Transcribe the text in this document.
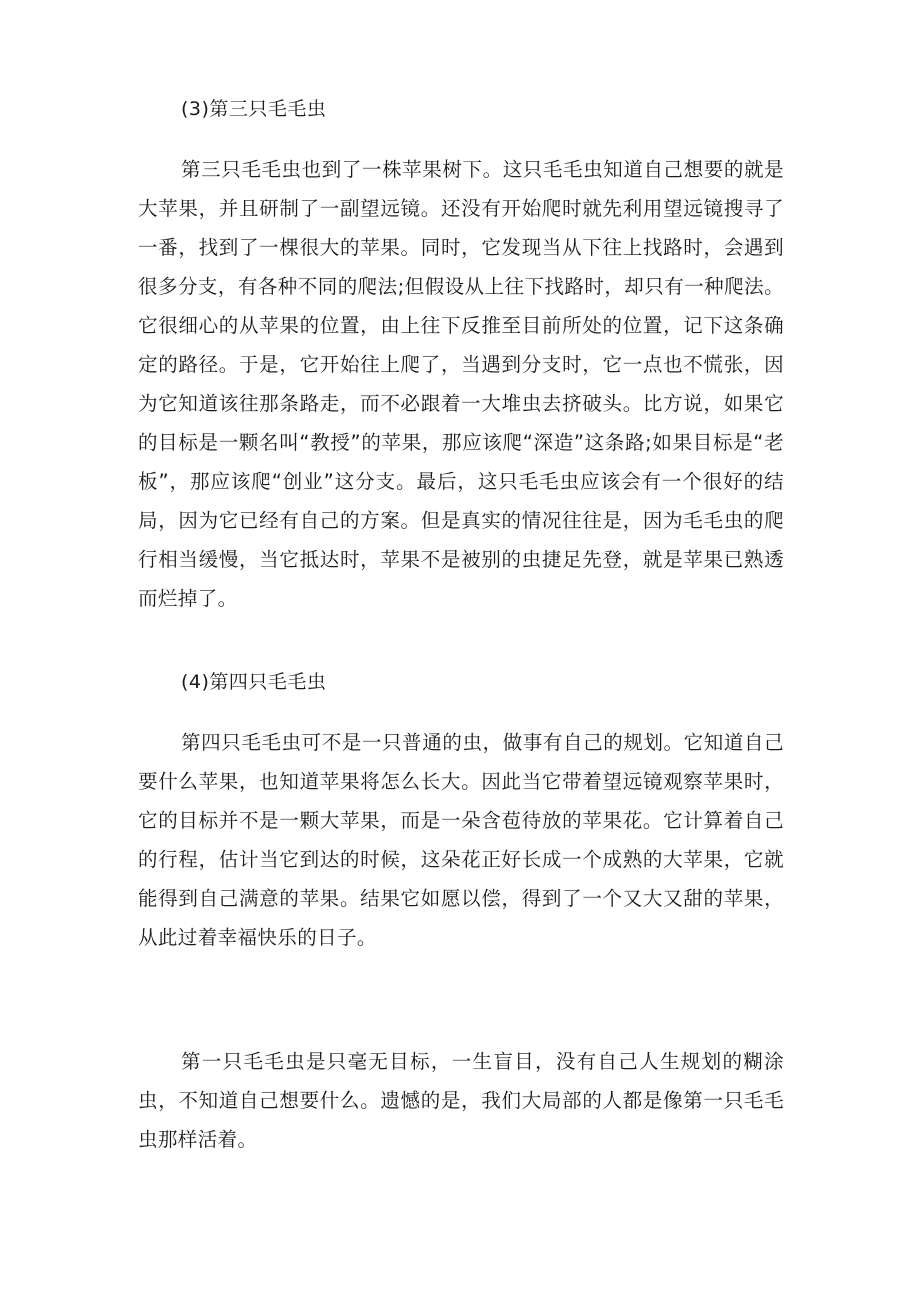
(3)第三只毛毛虫

第三只毛毛虫也到了一株苹果树下。这只毛毛虫知道自己想要的就是大苹果，并且研制了一副望远镜。还没有开始爬时就先利用望远镜搜寻了一番，找到了一棵很大的苹果。同时，它发现当从下往上找路时，会遇到很多分支，有各种不同的爬法;但假设从上往下找路时，却只有一种爬法。它很细心的从苹果的位置，由上往下反推至目前所处的位置，记下这条确定的路径。于是，它开始往上爬了，当遇到分支时，它一点也不慌张，因为它知道该往那条路走，而不必跟着一大堆虫去挤破头。比方说，如果它的目标是一颗名叫“教授”的苹果，那应该爬“深造”这条路;如果目标是“老板”，那应该爬“创业”这分支。最后，这只毛毛虫应该会有一个很好的结局，因为它已经有自己的方案。但是真实的情况往往是，因为毛毛虫的爬行相当缓慢，当它抵达时，苹果不是被别的虫捷足先登，就是苹果已熟透而烂掉了。

(4)第四只毛毛虫

第四只毛毛虫可不是一只普通的虫，做事有自己的规划。它知道自己要什么苹果，也知道苹果将怎么长大。因此当它带着望远镜观察苹果时，它的目标并不是一颗大苹果，而是一朵含苞待放的苹果花。它计算着自己的行程，估计当它到达的时候，这朵花正好长成一个成熟的大苹果，它就能得到自己满意的苹果。结果它如愿以偿，得到了一个又大又甜的苹果，从此过着幸福快乐的日子。

第一只毛毛虫是只毫无目标，一生盲目，没有自己人生规划的糊涂虫，不知道自己想要什么。遗憾的是，我们大局部的人都是像第一只毛毛虫那样活着。
